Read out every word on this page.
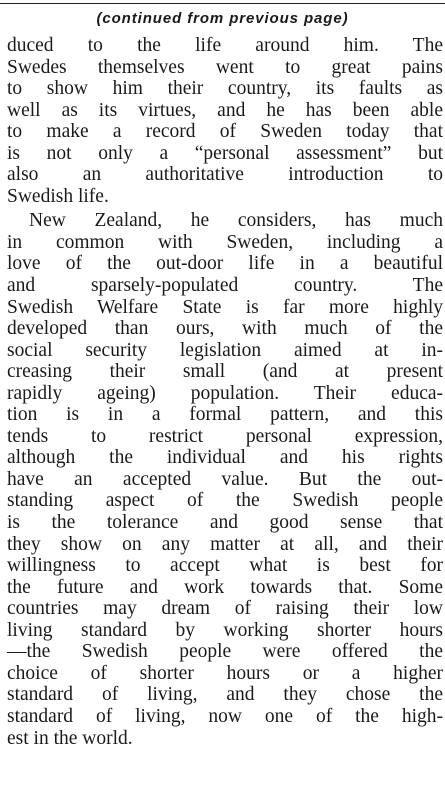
(continued from previous page)

duced to the life around him. The
Swedes themselves went to great pains
to show him their country, its faults as
well as its virtues, and he has been able
to make a record of Sweden today that
is not only a “personal assessment” but
also an authoritative introduction to
Swedish life.

New Zealand, he considers, has much
in common with Sweden, including a
love of the out-door life in a beautiful
and sparsely-populated country. The
Swedish Welfare State is far more highly
developed than ours, with much of the
social security legislation aimed at in-
creasing their small (and at present
rapidly ageing) population. Their educa-
tion is in a formal pattern, and this
tends to restrict personal expression,
although the individual and his rights
have an accepted value. But the out-
standing aspect of the Swedish people
is the tolerance and good sense that
they show on any matter at all, and their
willingness to accept what is best for
the future and work towards that. Some
countries may dream of raising their low
living standard by working shorter hours
—the Swedish people were offered the
choice of shorter hours or a higher
standard of living, and they chose the
standard of living, now one of the high-
est in the world.
